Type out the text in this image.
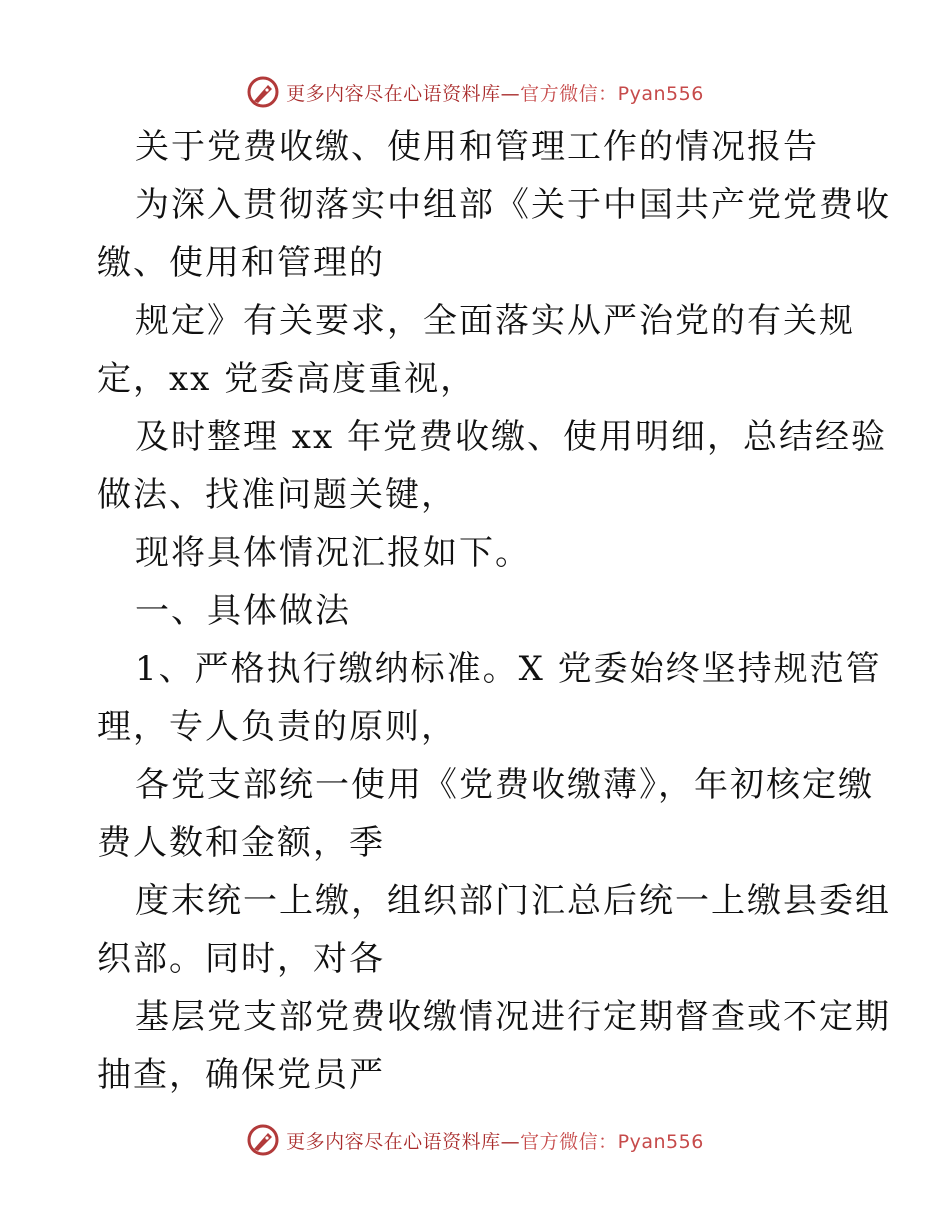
更多内容尽在心语资料库—官方微信：Pyan556
关于党费收缴、使用和管理工作的情况报告
为深入贯彻落实中组部《关于中国共产党党费收
缴、使用和管理的
规定》有关要求，全面落实从严治党的有关规
定，xx 党委高度重视，
及时整理 xx 年党费收缴、使用明细，总结经验
做法、找准问题关键，
现将具体情况汇报如下。
一、具体做法
1、严格执行缴纳标准。X 党委始终坚持规范管
理，专人负责的原则，
各党支部统一使用《党费收缴薄》，年初核定缴
费人数和金额，季
度末统一上缴，组织部门汇总后统一上缴县委组
织部。同时，对各
基层党支部党费收缴情况进行定期督查或不定期
抽查，确保党员严
更多内容尽在心语资料库—官方微信：Pyan556
